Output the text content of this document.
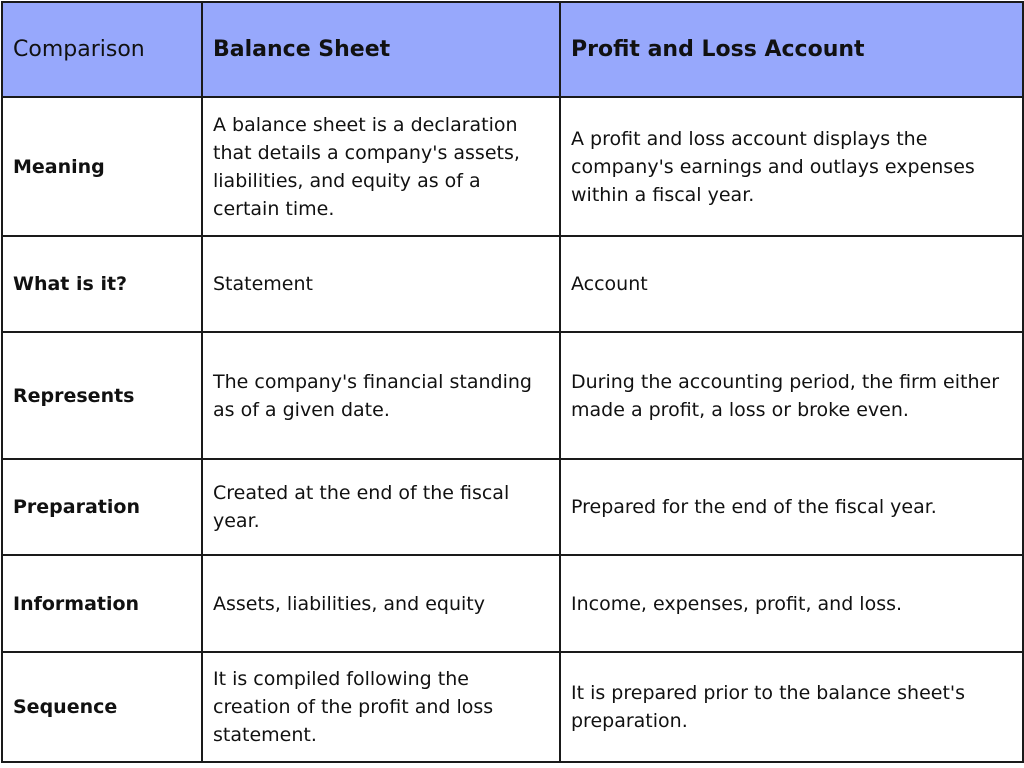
Comparison	Balance Sheet	Profit and Loss Account
Meaning	A balance sheet is a declaration that details a company's assets, liabilities, and equity as of a certain time.	A profit and loss account displays the company's earnings and outlays expenses within a fiscal year.
What is it?	Statement	Account
Represents	The company's financial standing as of a given date.	During the accounting period, the firm either made a profit, a loss or broke even.
Preparation	Created at the end of the fiscal year.	Prepared for the end of the fiscal year.
Information	Assets, liabilities, and equity	Income, expenses, profit, and loss.
Sequence	It is compiled following the creation of the profit and loss statement.	It is prepared prior to the balance sheet's preparation.
